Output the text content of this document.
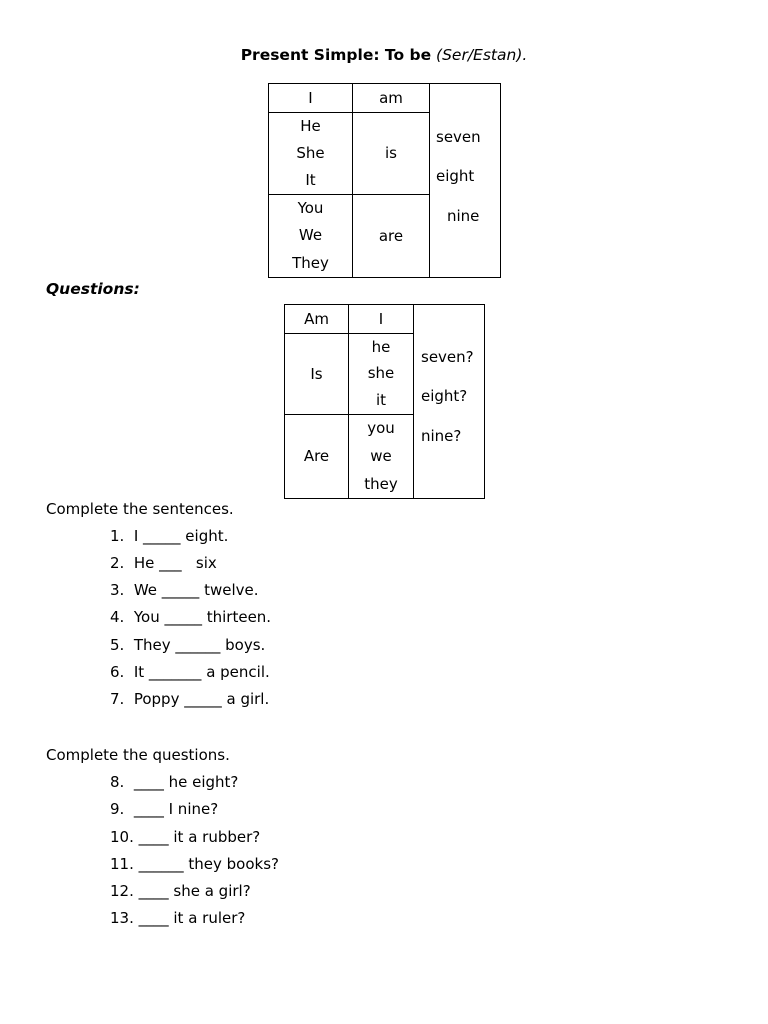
Present Simple: To be (Ser/Estan).
I	am
He
She
It
is
You
We
They
are
seven
eight
nine
Questions:
Am	I
Is
he
she
it
Are
you
we
they
seven?
eight?
nine?
Complete the sentences.
1.  I _____ eight.
2.  He ___   six
3.  We _____ twelve.
4.  You _____ thirteen.
5.  They ______ boys.
6.  It _______ a pencil.
7.  Poppy _____ a girl.
Complete the questions.
8.  ____ he eight?
9.  ____ I nine?
10. ____ it a rubber?
11. ______ they books?
12. ____ she a girl?
13. ____ it a ruler?
